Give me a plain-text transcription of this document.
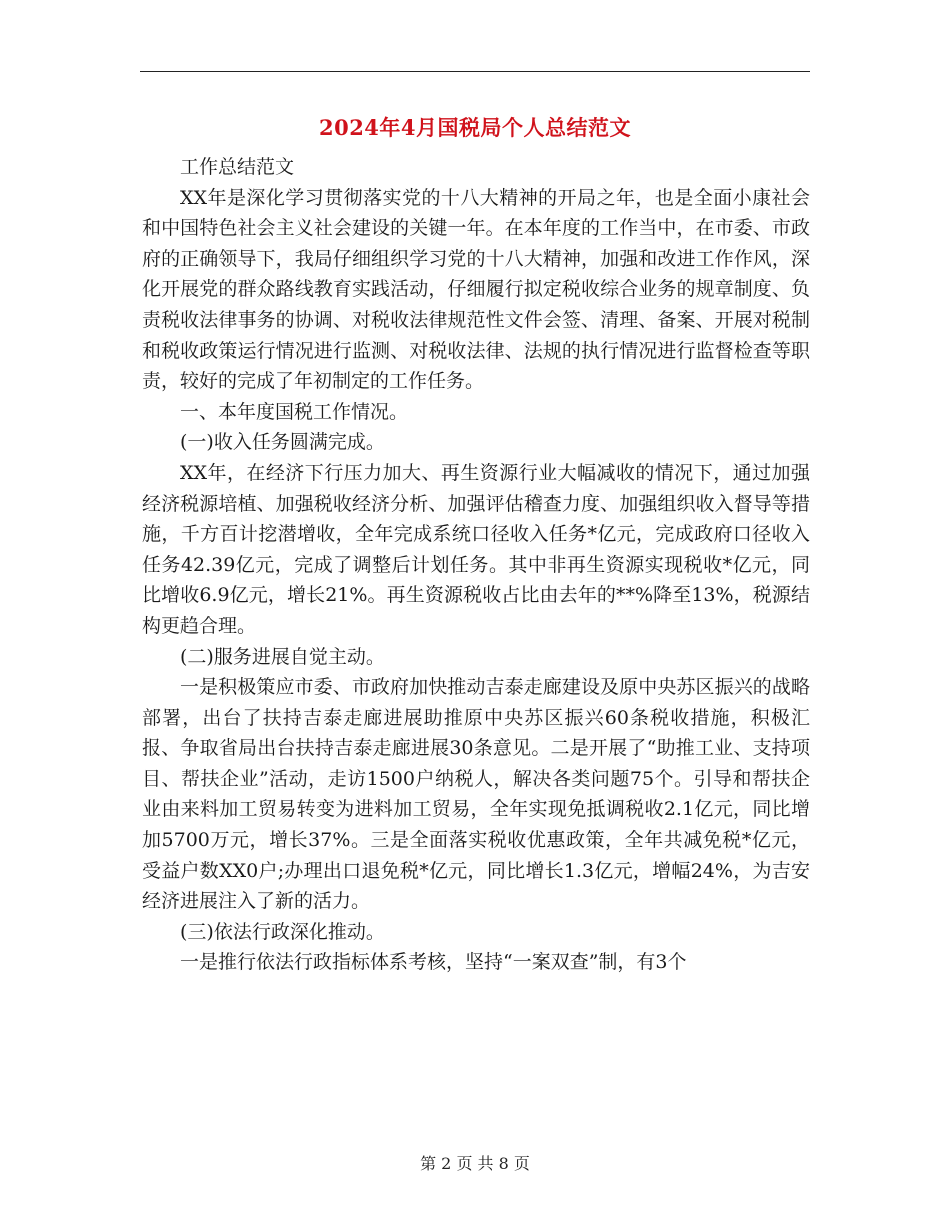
2024年4月国税局个人总结范文

工作总结范文

XX年是深化学习贯彻落实党的十八大精神的开局之年，也是全面小康社会和中国特色社会主义社会建设的关键一年。在本年度的工作当中，在市委、市政府的正确领导下，我局仔细组织学习党的十八大精神，加强和改进工作作风，深化开展党的群众路线教育实践活动，仔细履行拟定税收综合业务的规章制度、负责税收法律事务的协调、对税收法律规范性文件会签、清理、备案、开展对税制和税收政策运行情况进行监测、对税收法律、法规的执行情况进行监督检查等职责，较好的完成了年初制定的工作任务。

一、本年度国税工作情况。

(一)收入任务圆满完成。

XX年，在经济下行压力加大、再生资源行业大幅减收的情况下，通过加强经济税源培植、加强税收经济分析、加强评估稽查力度、加强组织收入督导等措施，千方百计挖潜增收，全年完成系统口径收入任务*亿元，完成政府口径收入任务42.39亿元，完成了调整后计划任务。其中非再生资源实现税收*亿元，同比增收6.9亿元，增长21%。再生资源税收占比由去年的**%降至13%，税源结构更趋合理。

(二)服务进展自觉主动。

一是积极策应市委、市政府加快推动吉泰走廊建设及原中央苏区振兴的战略部署，出台了扶持吉泰走廊进展助推原中央苏区振兴60条税收措施，积极汇报、争取省局出台扶持吉泰走廊进展30条意见。二是开展了“助推工业、支持项目、帮扶企业”活动，走访1500户纳税人，解决各类问题75个。引导和帮扶企业由来料加工贸易转变为进料加工贸易，全年实现免抵调税收2.1亿元，同比增加5700万元，增长37%。三是全面落实税收优惠政策，全年共减免税*亿元，受益户数XX0户;办理出口退免税*亿元，同比增长1.3亿元，增幅24%，为吉安经济进展注入了新的活力。

(三)依法行政深化推动。

一是推行依法行政指标体系考核，坚持“一案双查”制，有3个

第 2 页 共 8 页
